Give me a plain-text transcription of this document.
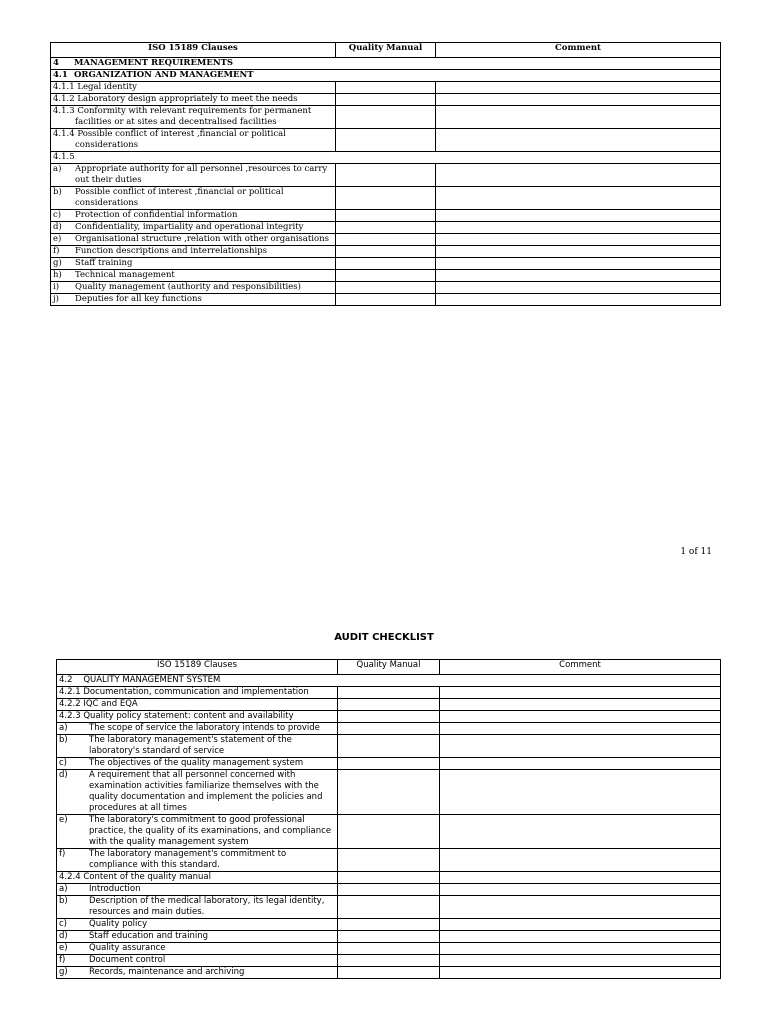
ISO 15189 Clauses	Quality Manual	Comment
4 MANAGEMENT REQUIREMENTS		
4.1 ORGANIZATION AND MANAGEMENT		
4.1.1 Legal identity		
4.1.2 Laboratory design appropriately to meet the needs		

4.1.3 Conformity with relevant requirements for permanent
facilities or at sites and decentralised facilities		

4.1.4 Possible conflict of interest ,financial or political
considerations		

4.1.5		

a) Appropriate authority for all personnel ,resources to carry out their duties		

b) Possible conflict of interest ,financial or political considerations		

c) Protection of confidential information		

d) Confidentiality, impartiality and operational integrity		

e) Organisational structure ,relation with other organisations		

f) Function descriptions and interrelationships		

g) Staff training		

h) Technical management		

i) Quality management (authority and responsibilities)		

j) Deputies for all key functions		

1 of 11
AUDIT CHECKLIST
ISO 15189 Clauses	Quality Manual	Comment
4.2    QUALITY MANAGEMENT SYSTEM		
4.2.1 Documentation, communication and implementation		
4.2.2 IQC and EQA		
4.2.3 Quality policy statement: content and availability		

a) The scope of service the laboratory intends to provide		

b) The laboratory management's statement of the laboratory's standard of service		

c) The objectives of the quality management system		

d) A requirement that all personnel concerned with examination activities familiarize themselves with the quality documentation and implement the policies and procedures at all times		

e) The laboratory's commitment to good professional practice, the quality of its examinations, and compliance with the quality management system		

f) The laboratory management's commitment to compliance with this standard.		

4.2.4 Content of the quality manual		

a) Introduction		

b) Description of the medical laboratory, its legal identity, resources and main duties.		

c) Quality policy		

d) Staff education and training		

e) Quality assurance		

f) Document control		

g) Records, maintenance and archiving		
